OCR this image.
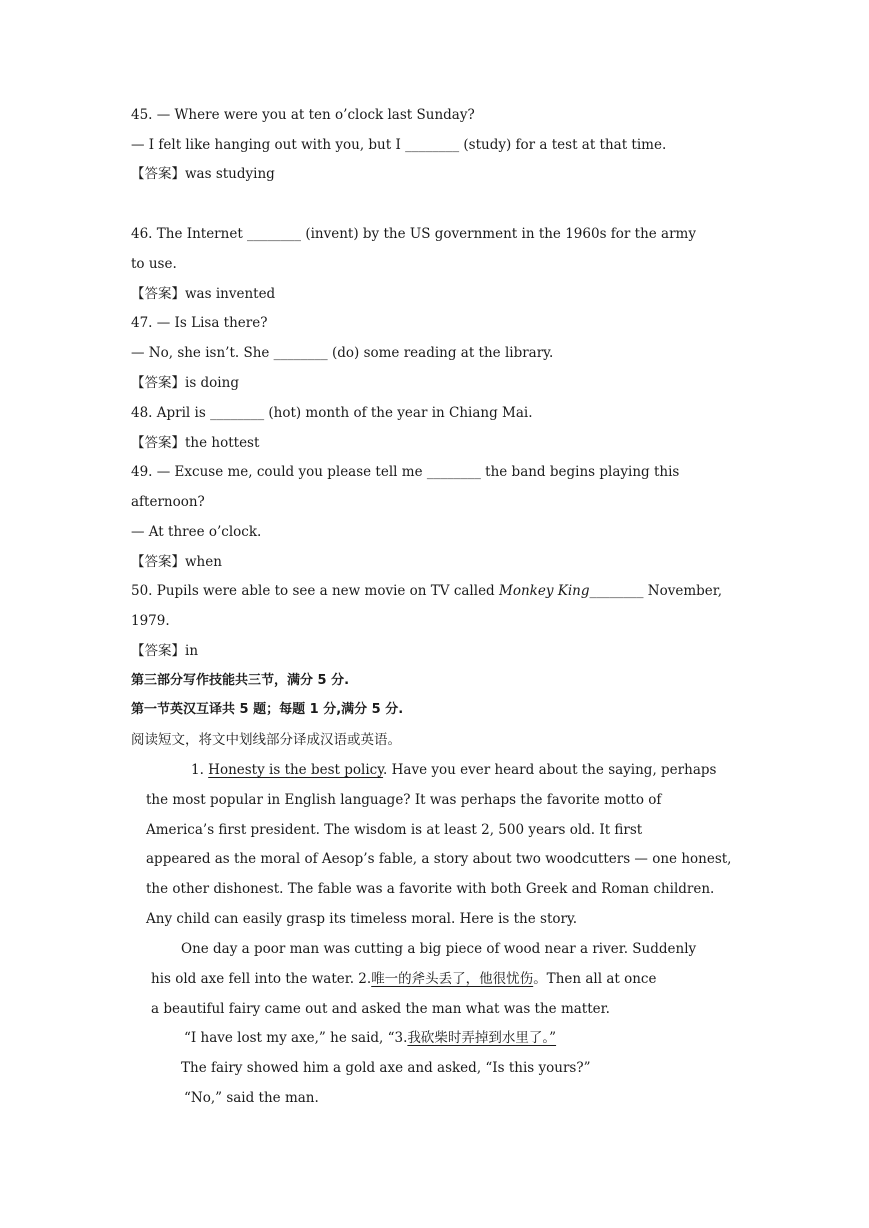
45. — Where were you at ten o’clock last Sunday?
— I felt like hanging out with you, but I ________ (study) for a test at that time.
【答案】was studying
46. The Internet ________ (invent) by the US government in the 1960s for the army
to use.
【答案】was invented
47. — Is Lisa there?
— No, she isn’t. She ________ (do) some reading at the library.
【答案】is doing
48. April is ________ (hot) month of the year in Chiang Mai.
【答案】the hottest
49. — Excuse me, could you please tell me ________ the band begins playing this
afternoon?
— At three o’clock.
【答案】when
50. Pupils were able to see a new movie on TV called Monkey King________ November,
1979.
【答案】in
第三部分写作技能共三节，满分 5 分.
第一节英汉互译共 5 题；每题 1 分,满分 5 分.
阅读短文，将文中划线部分译成汉语或英语。
1. Honesty is the best policy. Have you ever heard about the saying, perhaps
the most popular in English language? It was perhaps the favorite motto of
America’s first president. The wisdom is at least 2, 500 years old. It first
appeared as the moral of Aesop’s fable, a story about two woodcutters — one honest,
the other dishonest. The fable was a favorite with both Greek and Roman children.
Any child can easily grasp its timeless moral. Here is the story.
One day a poor man was cutting a big piece of wood near a river. Suddenly
his old axe fell into the water. 2.唯一的斧头丢了，他很忧伤。Then all at once
a beautiful fairy came out and asked the man what was the matter.
“I have lost my axe,” he said, “3.我砍柴时弄掉到水里了。”
The fairy showed him a gold axe and asked, “Is this yours?”
“No,” said the man.
